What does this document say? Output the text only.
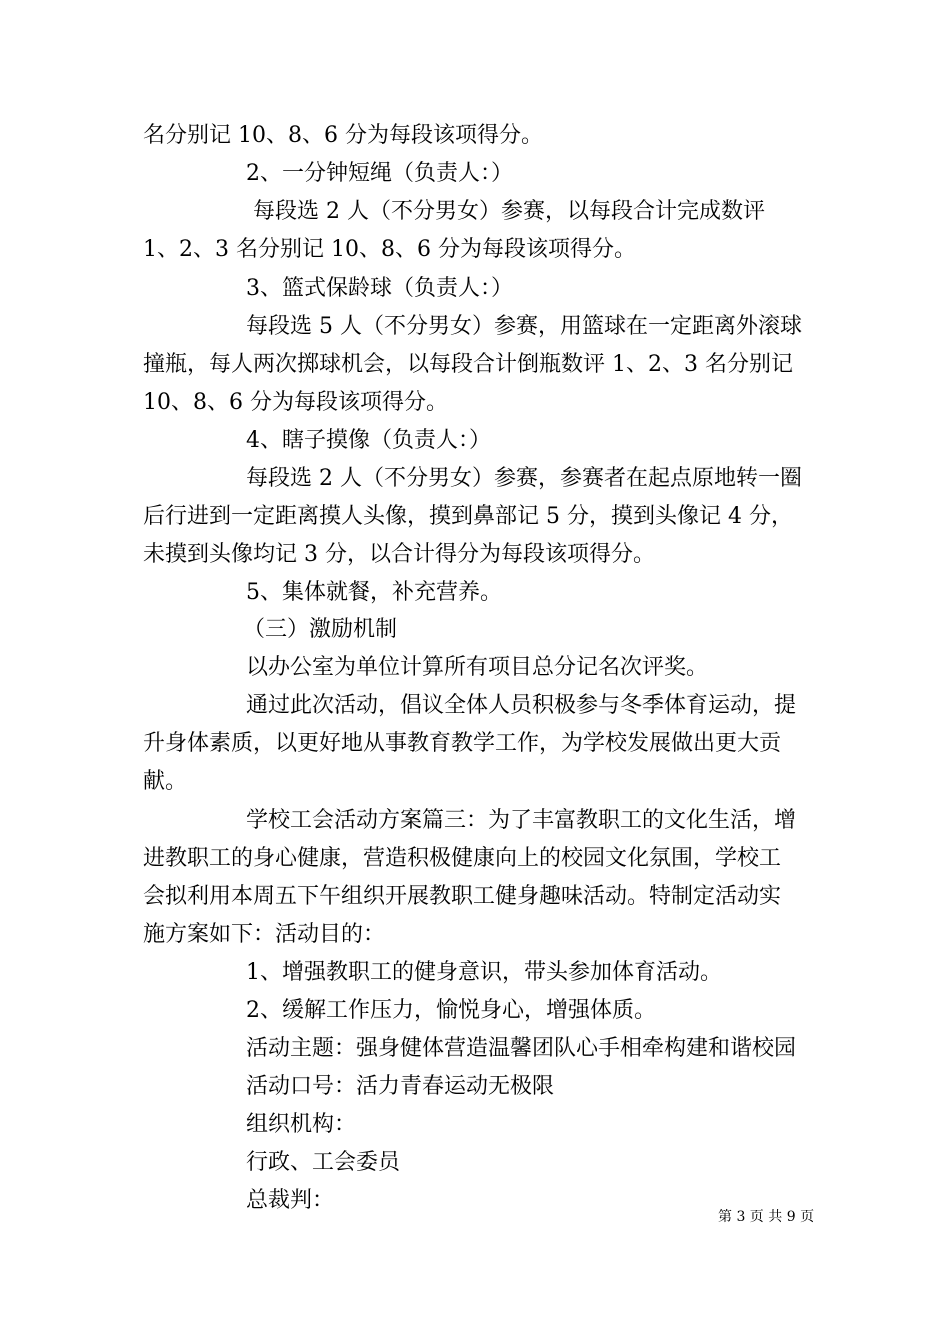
名分别记 10、8、6 分为每段该项得分。
2、一分钟短绳（负责人：）
每段选 2 人（不分男女）参赛，以每段合计完成数评
1、2、3 名分别记 10、8、6 分为每段该项得分。
3、篮式保龄球（负责人：）
每段选 5 人（不分男女）参赛，用篮球在一定距离外滚球
撞瓶，每人两次掷球机会，以每段合计倒瓶数评 1、2、3 名分别记
10、8、6 分为每段该项得分。
4、瞎子摸像（负责人：）
每段选 2 人（不分男女）参赛，参赛者在起点原地转一圈
后行进到一定距离摸人头像，摸到鼻部记 5 分，摸到头像记 4 分，
未摸到头像均记 3 分，以合计得分为每段该项得分。
5、集体就餐，补充营养。
（三）激励机制
以办公室为单位计算所有项目总分记名次评奖。
通过此次活动，倡议全体人员积极参与冬季体育运动，提
升身体素质，以更好地从事教育教学工作，为学校发展做出更大贡
献。
学校工会活动方案篇三：为了丰富教职工的文化生活，增
进教职工的身心健康，营造积极健康向上的校园文化氛围，学校工
会拟利用本周五下午组织开展教职工健身趣味活动。特制定活动实
施方案如下：活动目的：
1、增强教职工的健身意识，带头参加体育活动。
2、缓解工作压力，愉悦身心，增强体质。
活动主题：强身健体营造温馨团队心手相牵构建和谐校园
活动口号：活力青春运动无极限
组织机构：
行政、工会委员
总裁判：
第 3 页 共 9 页
